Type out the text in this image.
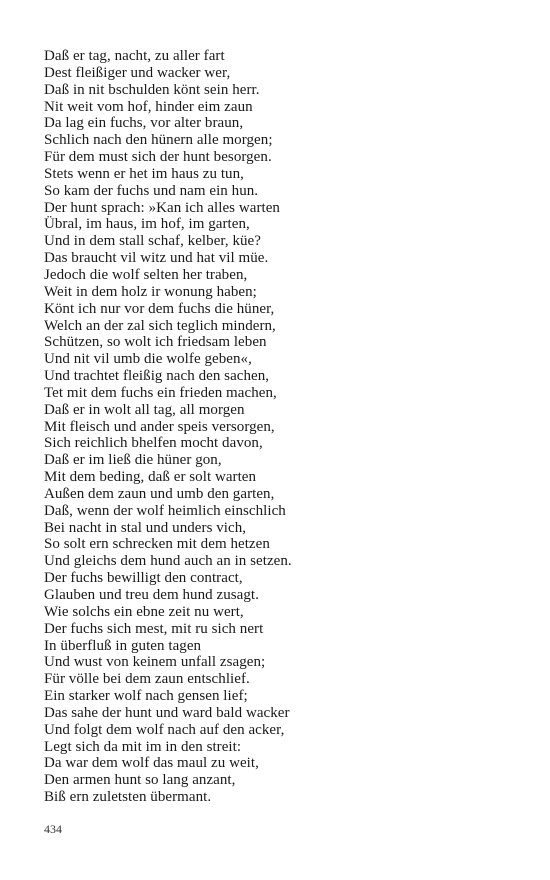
Daß er tag, nacht, zu aller fart
Dest fleißiger und wacker wer,
Daß in nit bschulden könt sein herr.
Nit weit vom hof, hinder eim zaun
Da lag ein fuchs, vor alter braun,
Schlich nach den hünern alle morgen;
Für dem must sich der hunt besorgen.
Stets wenn er het im haus zu tun,
So kam der fuchs und nam ein hun.
Der hunt sprach: »Kan ich alles warten
Übral, im haus, im hof, im garten,
Und in dem stall schaf, kelber, küe?
Das braucht vil witz und hat vil müe.
Jedoch die wolf selten her traben,
Weit in dem holz ir wonung haben;
Könt ich nur vor dem fuchs die hüner,
Welch an der zal sich teglich mindern,
Schützen, so wolt ich friedsam leben
Und nit vil umb die wolfe geben«,
Und trachtet fleißig nach den sachen,
Tet mit dem fuchs ein frieden machen,
Daß er in wolt all tag, all morgen
Mit fleisch und ander speis versorgen,
Sich reichlich bhelfen mocht davon,
Daß er im ließ die hüner gon,
Mit dem beding, daß er solt warten
Außen dem zaun und umb den garten,
Daß, wenn der wolf heimlich einschlich
Bei nacht in stal und unders vich,
So solt ern schrecken mit dem hetzen
Und gleichs dem hund auch an in setzen.
Der fuchs bewilligt den contract,
Glauben und treu dem hund zusagt.
Wie solchs ein ebne zeit nu wert,
Der fuchs sich mest, mit ru sich nert
In überfluß in guten tagen
Und wust von keinem unfall zsagen;
Für völle bei dem zaun entschlief.
Ein starker wolf nach gensen lief;
Das sahe der hunt und ward bald wacker
Und folgt dem wolf nach auf den acker,
Legt sich da mit im in den streit:
Da war dem wolf das maul zu weit,
Den armen hunt so lang anzant,
Biß ern zuletsten übermant.
434
